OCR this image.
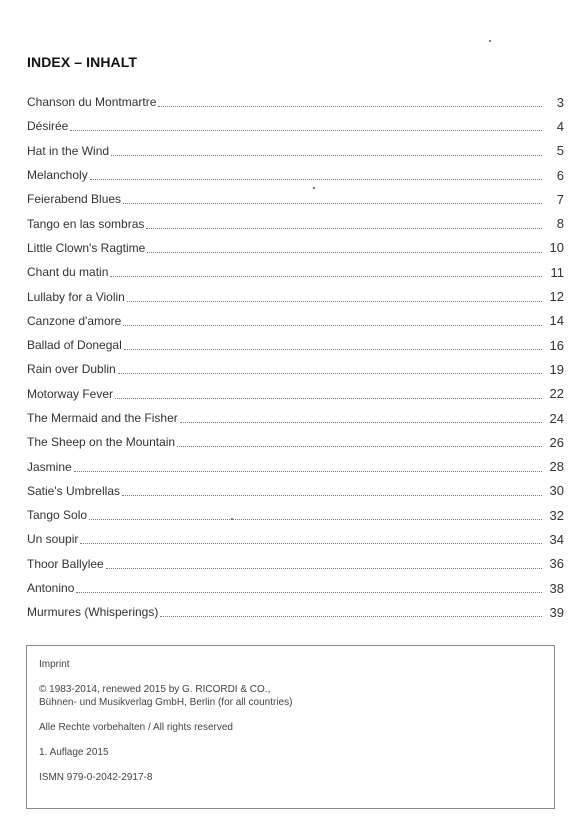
INDEX – INHALT
Chanson du Montmartre	3
Désirée	4
Hat in the Wind	5
Melancholy	6
Feierabend Blues	7
Tango en las sombras	8
Little Clown's Ragtime	10
Chant du matin	11
Lullaby for a Violin	12
Canzone d'amore	14
Ballad of Donegal	16
Rain over Dublin	19
Motorway Fever	22
The Mermaid and the Fisher	24
The Sheep on the Mountain	26
Jasmine	28
Satie's Umbrellas	30
Tango Solo	32
Un soupir	34
Thoor Ballylee	36
Antonino	38
Murmures (Whisperings)	39
Imprint
© 1983-2014, renewed 2015 by G. RICORDI & CO.,
Bühnen- und Musikverlag GmbH, Berlin (for all countries)
Alle Rechte vorbehalten / All rights reserved
1. Auflage 2015
ISMN 979-0-2042-2917-8
